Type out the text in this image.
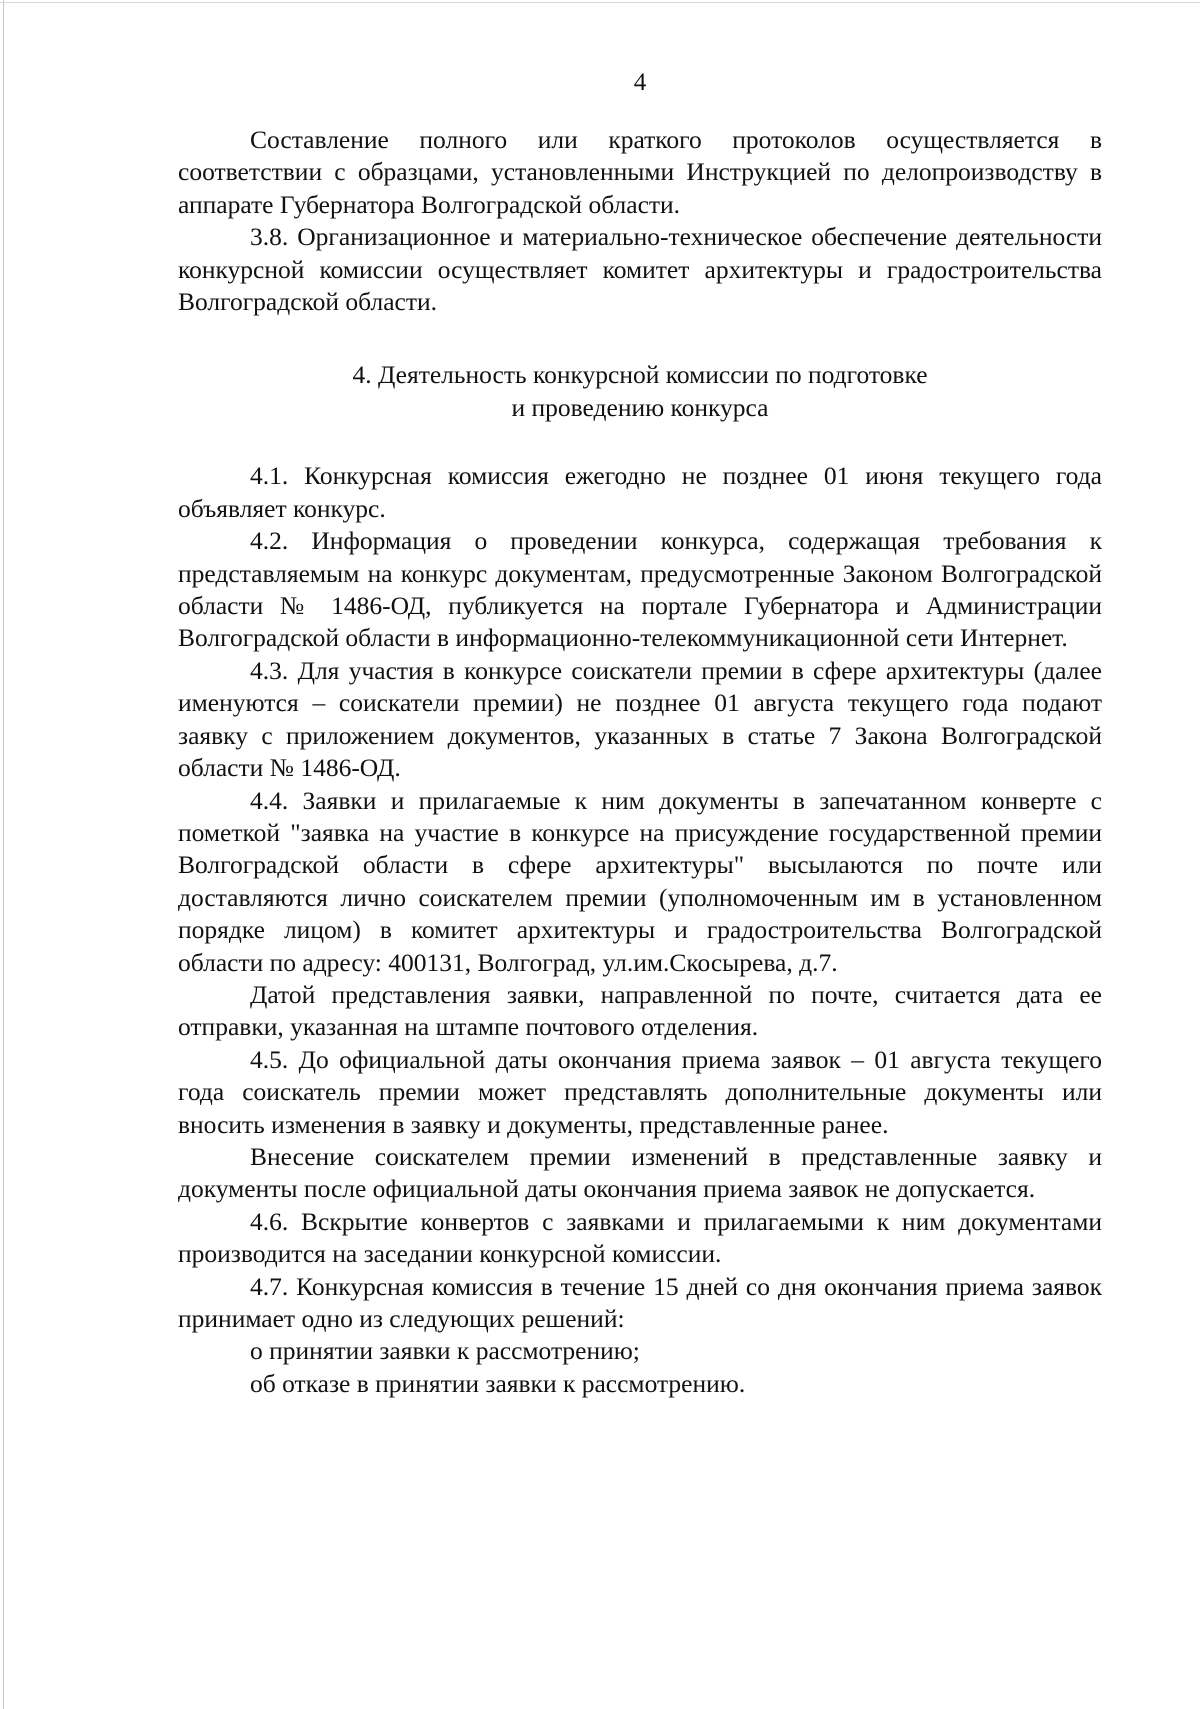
4

Составление полного или краткого протоколов осуществляется в соответствии с образцами, установленными Инструкцией по делопроизводству в аппарате Губернатора Волгоградской области.

3.8. Организационное и материально-техническое обеспечение деятельности конкурсной комиссии осуществляет комитет архитектуры и градостроительства Волгоградской области.

4. Деятельность конкурсной комиссии по подготовке
и проведению конкурса

4.1. Конкурсная комиссия ежегодно не позднее 01 июня текущего года объявляет конкурс.

4.2. Информация о проведении конкурса, содержащая требования к представляемым на конкурс документам, предусмотренные Законом Волгоградской области № 1486-ОД, публикуется на портале Губернатора и Администрации Волгоградской области в информационно-телекоммуникационной сети Интернет.

4.3. Для участия в конкурсе соискатели премии в сфере архитектуры (далее именуются – соискатели премии) не позднее 01 августа текущего года подают заявку с приложением документов, указанных в статье 7 Закона Волгоградской области № 1486-ОД.

4.4. Заявки и прилагаемые к ним документы в запечатанном конверте с пометкой "заявка на участие в конкурсе на присуждение государственной премии Волгоградской области в сфере архитектуры" высылаются по почте или доставляются лично соискателем премии (уполномоченным им в установленном порядке лицом) в комитет архитектуры и градостроительства Волгоградской области по адресу: 400131, Волгоград, ул.им.Скосырева, д.7.

Датой представления заявки, направленной по почте, считается дата ее отправки, указанная на штампе почтового отделения.

4.5. До официальной даты окончания приема заявок – 01 августа текущего года соискатель премии может представлять дополнительные документы или вносить изменения в заявку и документы, представленные ранее.

Внесение соискателем премии изменений в представленные заявку и документы после официальной даты окончания приема заявок не допускается.

4.6. Вскрытие конвертов с заявками и прилагаемыми к ним документами производится на заседании конкурсной комиссии.

4.7. Конкурсная комиссия в течение 15 дней со дня окончания приема заявок принимает одно из следующих решений:

о принятии заявки к рассмотрению;

об отказе в принятии заявки к рассмотрению.
